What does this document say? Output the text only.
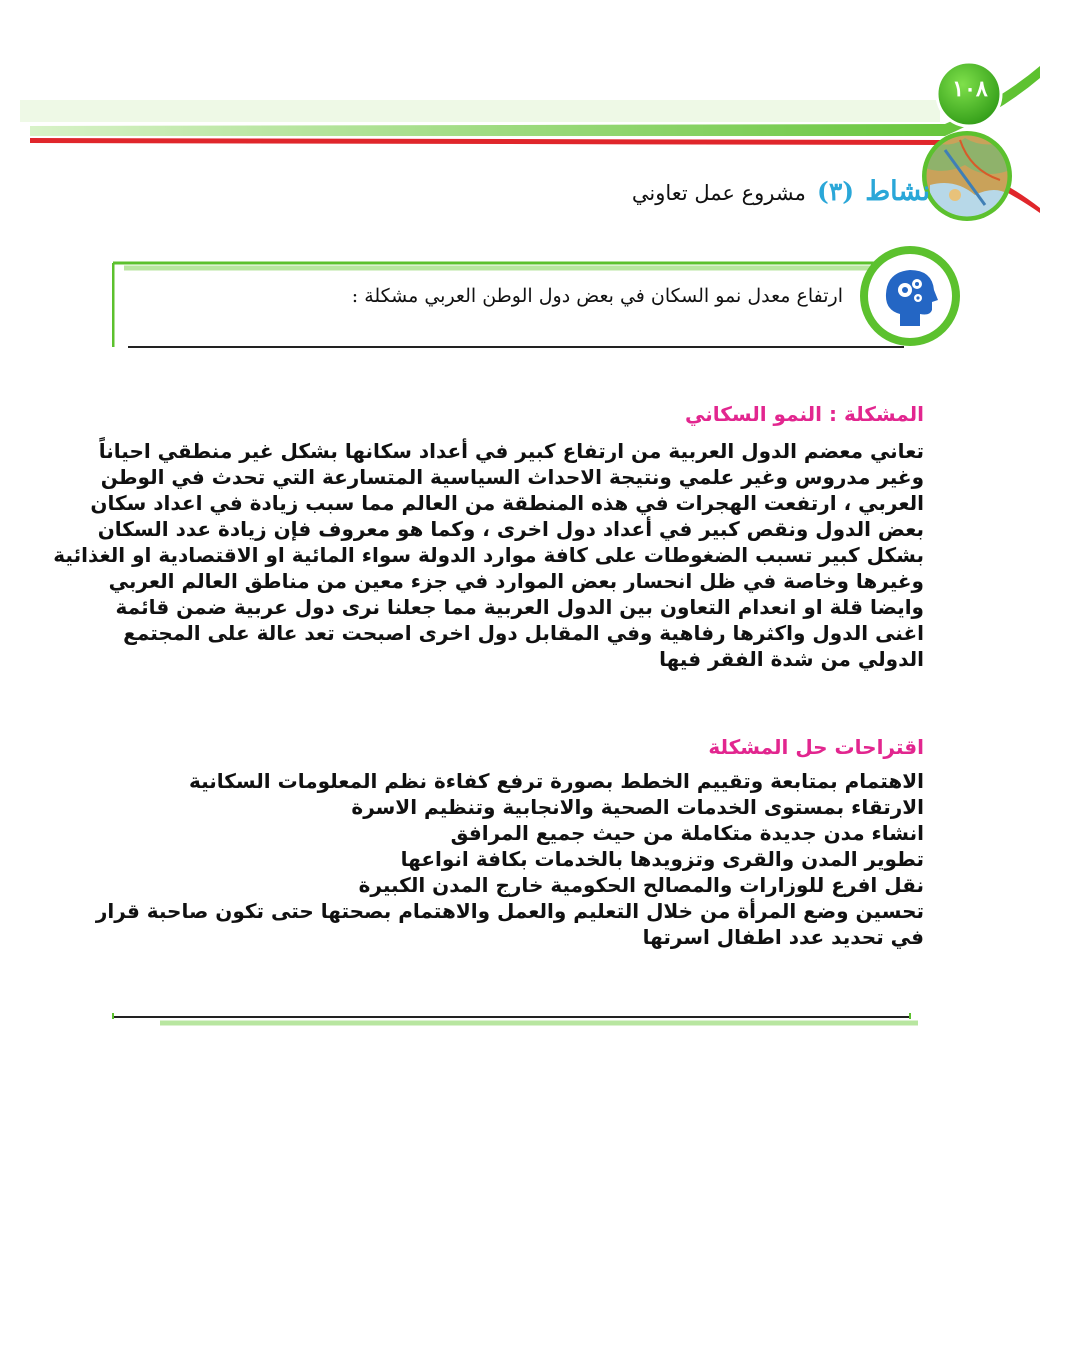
١٠٨
نشاط (٣) مشروع عمل تعاوني
ارتفاع معدل نمو السكان في بعض دول الوطن العربي مشكلة :
المشكلة : النمو السكاني
تعاني معضم الدول العربية من ارتفاع كبير في أعداد سكانها بشكل غير منطقي احياناً
وغير مدروس وغير علمي ونتيجة الاحداث السياسية المتسارعة التي تحدث في الوطن
العربي ، ارتفعت الهجرات في هذه المنطقة من العالم مما سبب زيادة في اعداد سكان
بعض الدول ونقص كبير في أعداد دول اخرى ، وكما هو معروف فإن زيادة عدد السكان
بشكل كبير تسبب الضغوطات على كافة موارد الدولة سواء المائية او الاقتصادية او الغذائية
وغيرها وخاصة في ظل انحسار بعض الموارد في جزء معين من مناطق العالم العربي
وايضا قلة او انعدام التعاون بين الدول العربية مما جعلنا نرى دول عربية ضمن قائمة
اغنى الدول واكثرها رفاهية وفي المقابل دول اخرى اصبحت تعد عالة على المجتمع
الدولي من شدة الفقر فيها
اقتراحات حل المشكلة
الاهتمام بمتابعة وتقييم الخطط بصورة ترفع كفاءة نظم المعلومات السكانية
الارتقاء بمستوى الخدمات الصحية والانجابية وتنظيم الاسرة
انشاء مدن جديدة متكاملة من حيث جميع المرافق
تطوير المدن والقرى وتزويدها بالخدمات بكافة انواعها
نقل افرع للوزارات والمصالح الحكومية خارج المدن الكبيرة
تحسين وضع المرأة من خلال التعليم والعمل والاهتمام بصحتها حتى تكون صاحبة قرار
في تحديد عدد اطفال اسرتها
